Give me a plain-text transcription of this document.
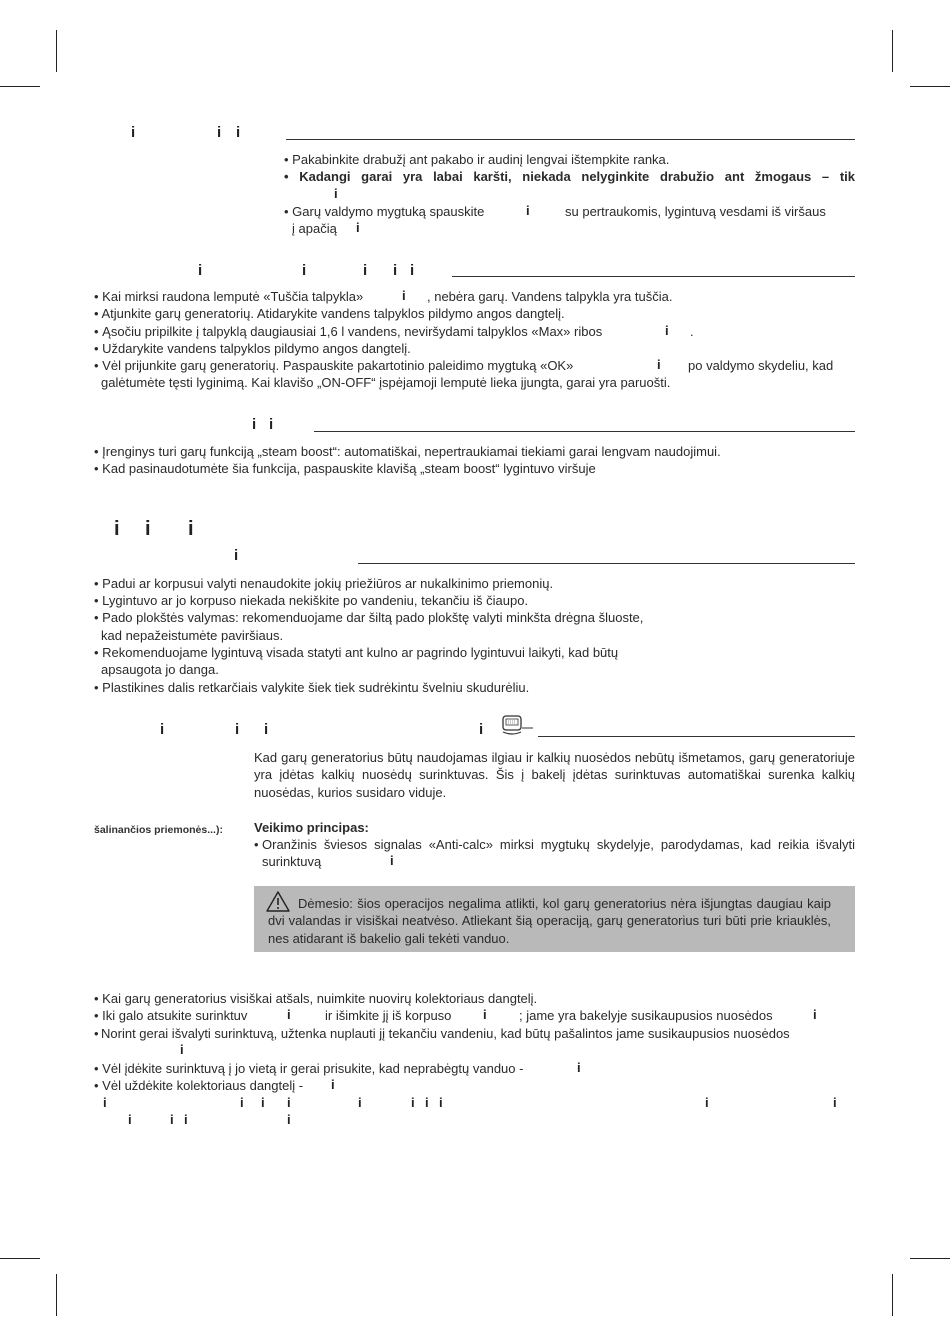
i	i i
• Pakabinkite drabužį ant pakabo ir audinį lengvai ištempkite ranka.
• Kadangi garai yra labai karšti, niekada nelyginkite drabužio ant žmogaus – tik
i
• Garų valdymo mygtuką spauskite	i	su pertraukomis, lygintuvą vesdami iš viršaus
į apačią i
i	i	i i i
• Kai mirksi raudona lemputė «Tuščia talpykla»	i , nebėra garų. Vandens talpykla yra tuščia.
• Atjunkite garų generatorių. Atidarykite vandens talpyklos pildymo angos dangtelį.
• Ąsočiu pripilkite į talpyklą daugiausiai 1,6 l vandens, neviršydami talpyklos «Max» ribos	i .
• Uždarykite vandens talpyklos pildymo angos dangtelį.
• Vėl prijunkite garų generatorių. Paspauskite pakartotinio paleidimo mygtuką «OK»	i po valdymo skydeliu, kad
galėtumėte tęsti lyginimą. Kai klavišo „ON-OFF“ įspėjamoji lemputė lieka įjungta, garai yra paruošti.
i i
• Įrenginys turi garų funkciją „steam boost“: automatiškai, nepertraukiamai tiekiami garai lengvam naudojimui.
• Kad pasinaudotumėte šia funkcija, paspauskite klavišą „steam boost“ lygintuvo viršuje
i i i
i
• Padui ar korpusui valyti nenaudokite jokių priežiūros ar nukalkinimo priemonių.
• Lygintuvo ar jo korpuso niekada nekiškite po vandeniu, tekančiu iš čiaupo.
• Pado plokštės valymas: rekomenduojame dar šiltą pado plokštę valyti minkšta drėgna šluoste,
kad nepažeistumėte paviršiaus.
• Rekomenduojame lygintuvą visada statyti ant kulno ar pagrindo lygintuvui laikyti, kad būtų
apsaugota jo danga.
• Plastikines dalis retkarčiais valykite šiek tiek sudrėkintu švelniu skudurėliu.
i	i i	i

Kad garų generatorius būtų naudojamas ilgiau ir kalkių nuosėdos nebūtų išmetamos, garų generatoriuje yra įdėtas kalkių nuosėdų surinktuvas. Šis į bakelį įdėtas surinktuvas automatiškai surenka kalkių nuosėdas, kurios susidaro viduje.

šalinančios priemonės...): Veikimo principas:
• Oranžinis šviesos signalas «Anti-calc» mirksi mygtukų skydelyje, parodydamas, kad reikia išvalyti surinktuvą	i

Dėmesio: šios operacijos negalima atlikti, kol garų generatorius nėra išjungtas daugiau kaip dvi valandas ir visiškai neatvėso. Atliekant šią operaciją, garų generatorius turi būti prie kriauklės, nes atidarant iš bakelio gali tekėti vanduo.

• Kai garų generatorius visiškai atšals, nuimkite nuovirų kolektoriaus dangtelį.
• Iki galo atsukite surinktuv	i	ir išimkite jį iš korpuso i ; jame yra bakelyje susikaupusios nuosėdos	i
• Norint gerai išvalyti surinktuvą, užtenka nuplauti jį tekančiu vandeniu, kad būtų pašalintos jame susikaupusios nuosėdos
i
• Vėl įdėkite surinktuvą į jo vietą ir gerai prisukite, kad neprabėgtų vanduo -	i
• Vėl uždėkite kolektoriaus dangtelį - i
i	i i i	i	i i i	i	i
i	i i	i
